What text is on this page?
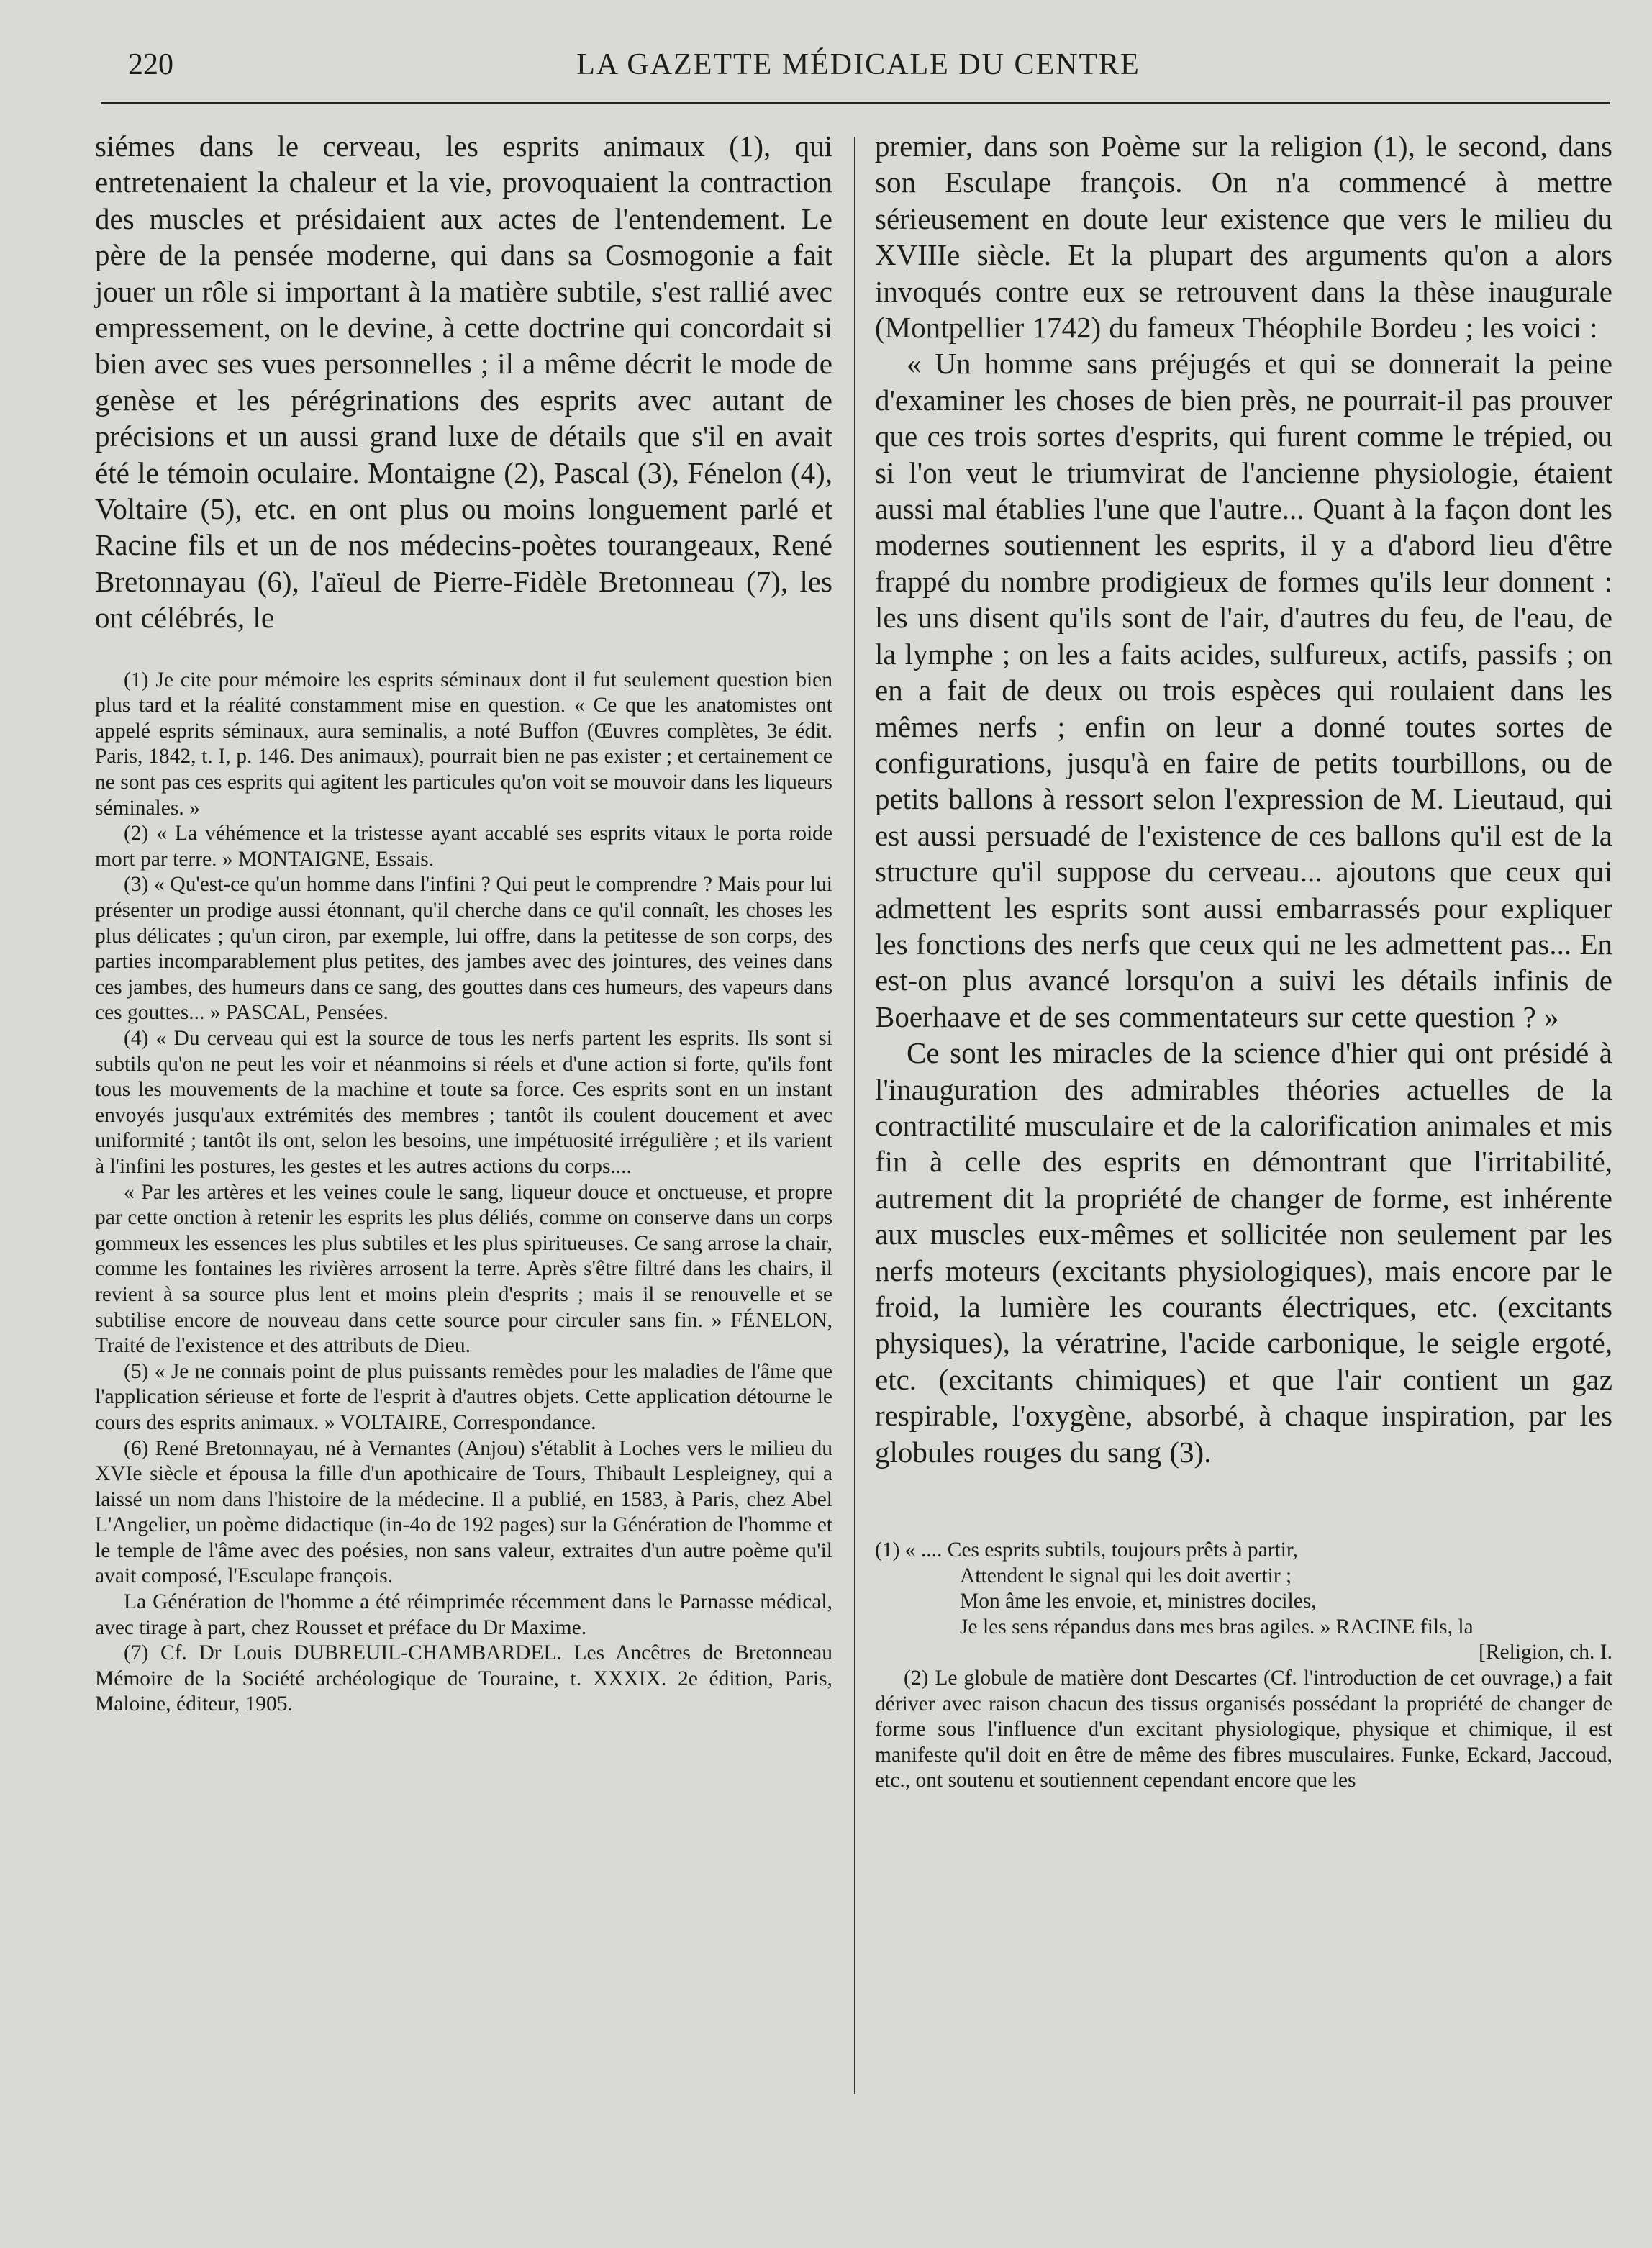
220	LA GAZETTE MÉDICALE DU CENTRE

siémes dans le cerveau, les esprits animaux (1), qui entretenaient la chaleur et la vie, provoquaient la contraction des muscles et présidaient aux actes de l'entendement. Le père de la pensée moderne, qui dans sa Cosmogonie a fait jouer un rôle si important à la matière subtile, s'est rallié avec empressement, on le devine, à cette doctrine qui concordait si bien avec ses vues personnelles ; il a même décrit le mode de genèse et les pérégrinations des esprits avec autant de précisions et un aussi grand luxe de détails que s'il en avait été le témoin oculaire. Montaigne (2), Pascal (3), Fénelon (4), Voltaire (5), etc. en ont plus ou moins longuement parlé et Racine fils et un de nos médecins-poètes tourangeaux, René Bretonnayau (6), l'aïeul de Pierre-Fidèle Bretonneau (7), les ont célébrés, le

(1) Je cite pour mémoire les esprits séminaux dont il fut seulement question bien plus tard et la réalité constamment mise en question. « Ce que les anatomistes ont appelé esprits séminaux, aura seminalis, a noté Buffon (Œuvres complètes, 3e édit. Paris, 1842, t. I, p. 146. Des animaux), pourrait bien ne pas exister ; et certainement ce ne sont pas ces esprits qui agitent les particules qu'on voit se mouvoir dans les liqueurs séminales. »

(2) « La véhémence et la tristesse ayant accablé ses esprits vitaux le porta roide mort par terre. » MONTAIGNE, Essais.

(3) « Qu'est-ce qu'un homme dans l'infini ? Qui peut le comprendre ? Mais pour lui présenter un prodige aussi étonnant, qu'il cherche dans ce qu'il connaît, les choses les plus délicates ; qu'un ciron, par exemple, lui offre, dans la petitesse de son corps, des parties incomparablement plus petites, des jambes avec des jointures, des veines dans ces jambes, des humeurs dans ce sang, des gouttes dans ces humeurs, des vapeurs dans ces gouttes... » PASCAL, Pensées.

(4) « Du cerveau qui est la source de tous les nerfs partent les esprits. Ils sont si subtils qu'on ne peut les voir et néanmoins si réels et d'une action si forte, qu'ils font tous les mouvements de la machine et toute sa force. Ces esprits sont en un instant envoyés jusqu'aux extrémités des membres ; tantôt ils coulent doucement et avec uniformité ; tantôt ils ont, selon les besoins, une impétuosité irrégulière ; et ils varient à l'infini les postures, les gestes et les autres actions du corps....

« Par les artères et les veines coule le sang, liqueur douce et onctueuse, et propre par cette onction à retenir les esprits les plus déliés, comme on conserve dans un corps gommeux les essences les plus subtiles et les plus spiritueuses. Ce sang arrose la chair, comme les fontaines les rivières arrosent la terre. Après s'être filtré dans les chairs, il revient à sa source plus lent et moins plein d'esprits ; mais il se renouvelle et se subtilise encore de nouveau dans cette source pour circuler sans fin. » FÉNELON, Traité de l'existence et des attributs de Dieu.

(5) « Je ne connais point de plus puissants remèdes pour les maladies de l'âme que l'application sérieuse et forte de l'esprit à d'autres objets. Cette application détourne le cours des esprits animaux. » VOLTAIRE, Correspondance.

(6) René Bretonnayau, né à Vernantes (Anjou) s'établit à Loches vers le milieu du XVIe siècle et épousa la fille d'un apothicaire de Tours, Thibault Lespleigney, qui a laissé un nom dans l'histoire de la médecine. Il a publié, en 1583, à Paris, chez Abel L'Angelier, un poème didactique (in-4o de 192 pages) sur la Génération de l'homme et le temple de l'âme avec des poésies, non sans valeur, extraites d'un autre poème qu'il avait composé, l'Esculape françois.

La Génération de l'homme a été réimprimée récemment dans le Parnasse médical, avec tirage à part, chez Rousset et préface du Dr Maxime.

(7) Cf. Dr Louis DUBREUIL-CHAMBARDEL. Les Ancêtres de Bretonneau Mémoire de la Société archéologique de Touraine, t. XXXIX. 2e édition, Paris, Maloine, éditeur, 1905.

premier, dans son Poème sur la religion (1), le second, dans son Esculape françois. On n'a commencé à mettre sérieusement en doute leur existence que vers le milieu du XVIIIe siècle. Et la plupart des arguments qu'on a alors invoqués contre eux se retrouvent dans la thèse inaugurale (Montpellier 1742) du fameux Théophile Bordeu ; les voici :

« Un homme sans préjugés et qui se donnerait la peine d'examiner les choses de bien près, ne pourrait-il pas prouver que ces trois sortes d'esprits, qui furent comme le trépied, ou si l'on veut le triumvirat de l'ancienne physiologie, étaient aussi mal établies l'une que l'autre... Quant à la façon dont les modernes soutiennent les esprits, il y a d'abord lieu d'être frappé du nombre prodigieux de formes qu'ils leur donnent : les uns disent qu'ils sont de l'air, d'autres du feu, de l'eau, de la lymphe ; on les a faits acides, sulfureux, actifs, passifs ; on en a fait de deux ou trois espèces qui roulaient dans les mêmes nerfs ; enfin on leur a donné toutes sortes de configurations, jusqu'à en faire de petits tourbillons, ou de petits ballons à ressort selon l'expression de M. Lieutaud, qui est aussi persuadé de l'existence de ces ballons qu'il est de la structure qu'il suppose du cerveau... ajoutons que ceux qui admettent les esprits sont aussi embarrassés pour expliquer les fonctions des nerfs que ceux qui ne les admettent pas... En est-on plus avancé lorsqu'on a suivi les détails infinis de Boerhaave et de ses commentateurs sur cette question ? »

Ce sont les miracles de la science d'hier qui ont présidé à l'inauguration des admirables théories actuelles de la contractilité musculaire et de la calorification animales et mis fin à celle des esprits en démontrant que l'irritabilité, autrement dit la propriété de changer de forme, est inhérente aux muscles eux-mêmes et sollicitée non seulement par les nerfs moteurs (excitants physiologiques), mais encore par le froid, la lumière les courants électriques, etc. (excitants physiques), la vératrine, l'acide carbonique, le seigle ergoté, etc. (excitants chimiques) et que l'air contient un gaz respirable, l'oxygène, absorbé, à chaque inspiration, par les globules rouges du sang (3).

(1) « .... Ces esprits subtils, toujours prêts à partir,
Attendent le signal qui les doit avertir ;
Mon âme les envoie, et, ministres dociles,
Je les sens répandus dans mes bras agiles. » RACINE fils, la
[Religion, ch. I.

(2) Le globule de matière dont Descartes (Cf. l'introduction de cet ouvrage,) a fait dériver avec raison chacun des tissus organisés possédant la propriété de changer de forme sous l'influence d'un excitant physiologique, physique et chimique, il est manifeste qu'il doit en être de même des fibres musculaires. Funke, Eckard, Jaccoud, etc., ont soutenu et soutiennent cependant encore que les
